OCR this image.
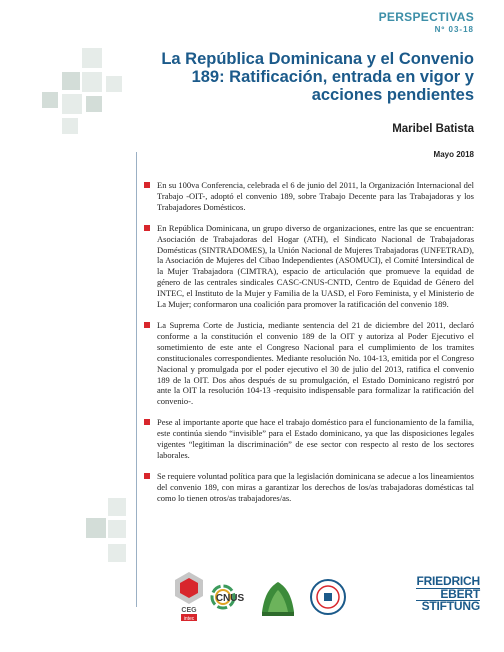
PERSPECTIVAS
Nº 03-18
La República Dominicana y el Convenio 189: Ratificación, entrada en vigor y acciones pendientes
Maribel Batista
Mayo 2018
En su 100va Conferencia, celebrada el 6 de junio del 2011, la Organización Internacional del Trabajo -OIT-, adoptó el convenio 189, sobre Trabajo Decente para las Trabajadoras y los Trabajadores Domésticos.
En República Dominicana, un grupo diverso de organizaciones, entre las que se encuentran: Asociación de Trabajadoras del Hogar (ATH), el Sindicato Nacional de Trabajadoras Domésticas (SINTRADOMES), la Unión Nacional de Mujeres Trabajadoras (UNFETRAD), la Asociación de Mujeres del Cibao Independientes (ASOMUCI), el Comité Intersindical de la Mujer Trabajadora (CIMTRA), espacio de articulación que promueve la equidad de género de las centrales sindicales CASC-CNUS-CNTD, Centro de Equidad de Género del INTEC, el Instituto de la Mujer y Familia de la UASD, el Foro Feminista, y el Ministerio de La Mujer; conformaron una coalición para promover la ratificación del convenio 189.
La Suprema Corte de Justicia, mediante sentencia del 21 de diciembre del 2011, declaró conforme a la constitución el convenio 189 de la OIT y autoriza al Poder Ejecutivo el sometimiento de este ante el Congreso Nacional para el cumplimiento de los tramites constitucionales correspondientes. Mediante resolución No. 104-13, emitida por el Congreso Nacional y promulgada por el poder ejecutivo el 30 de julio del 2013, ratifica el convenio 189 de la OIT. Dos años después de su promulgación, el Estado Dominicano registró por ante la OIT la resolución 104-13 -requisito indispensable para formalizar la ratificación del convenio-.
Pese al importante aporte que hace el trabajo doméstico para el funcionamiento de la familia, este continúa siendo “invisible” para el Estado dominicano, ya que las disposiciones legales vigentes “legitiman la discriminación” de ese sector con respecto al resto de los sectores laborales.
Se requiere voluntad política para que la legislación dominicana se adecue a los lineamientos del convenio 189, con miras a garantizar los derechos de los/as trabajadoras domésticas tal como lo tienen otros/as trabajadores/as.
CEG
intec
CNUS
FRIEDRICH
EBERT
STIFTUNG
